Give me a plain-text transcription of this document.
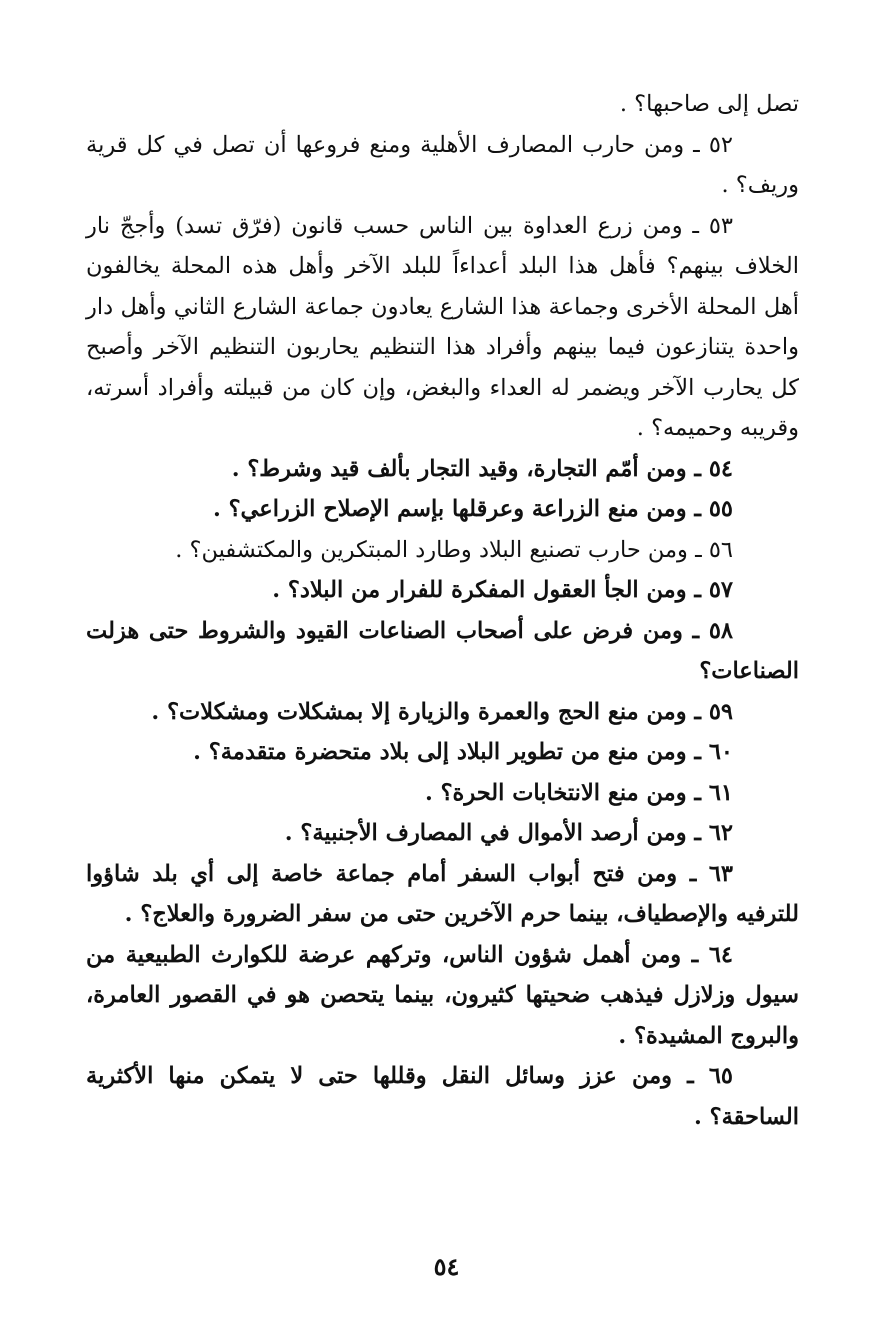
تصل إلى صاحبها؟ .

٥٢ ـ ومن حارب المصارف الأهلية ومنع فروعها أن تصل في كل قرية وريف؟ .

٥٣ ـ ومن زرع العداوة بين الناس حسب قانون (فرّق تسد) وأججّ نار الخلاف بينهم؟ فأهل هذا البلد أعداءاً للبلد الآخر وأهل هذه المحلة يخالفون أهل المحلة الأخرى وجماعة هذا الشارع يعادون جماعة الشارع الثاني وأهل دار واحدة يتنازعون فيما بينهم وأفراد هذا التنظيم يحاربون التنظيم الآخر وأصبح كل يحارب الآخر ويضمر له العداء والبغض، وإن كان من قبيلته وأفراد أسرته، وقريبه وحميمه؟ .

٥٤ ـ ومن أمّم التجارة، وقيد التجار بألف قيد وشرط؟ .

٥٥ ـ ومن منع الزراعة وعرقلها بإسم الإصلاح الزراعي؟ .

٥٦ ـ ومن حارب تصنيع البلاد وطارد المبتكرين والمكتشفين؟ .

٥٧ ـ ومن الجأ العقول المفكرة للفرار من البلاد؟ .

٥٨ ـ ومن فرض على أصحاب الصناعات القيود والشروط حتى هزلت الصناعات؟

٥٩ ـ ومن منع الحج والعمرة والزيارة إلا بمشكلات ومشكلات؟ .

٦٠ ـ ومن منع من تطوير البلاد إلى بلاد متحضرة متقدمة؟ .

٦١ ـ ومن منع الانتخابات الحرة؟ .

٦٢ ـ ومن أرصد الأموال في المصارف الأجنبية؟ .

٦٣ ـ ومن فتح أبواب السفر أمام جماعة خاصة إلى أي بلد شاؤوا للترفيه والإصطياف، بينما حرم الآخرين حتى من سفر الضرورة والعلاج؟ .

٦٤ ـ ومن أهمل شؤون الناس، وتركهم عرضة للكوارث الطبيعية من سيول وزلازل فيذهب ضحيتها كثيرون، بينما يتحصن هو في القصور العامرة، والبروج المشيدة؟ .

٦٥ ـ ومن عزز وسائل النقل وقللها حتى لا يتمكن منها الأكثرية الساحقة؟ .

٥٤
